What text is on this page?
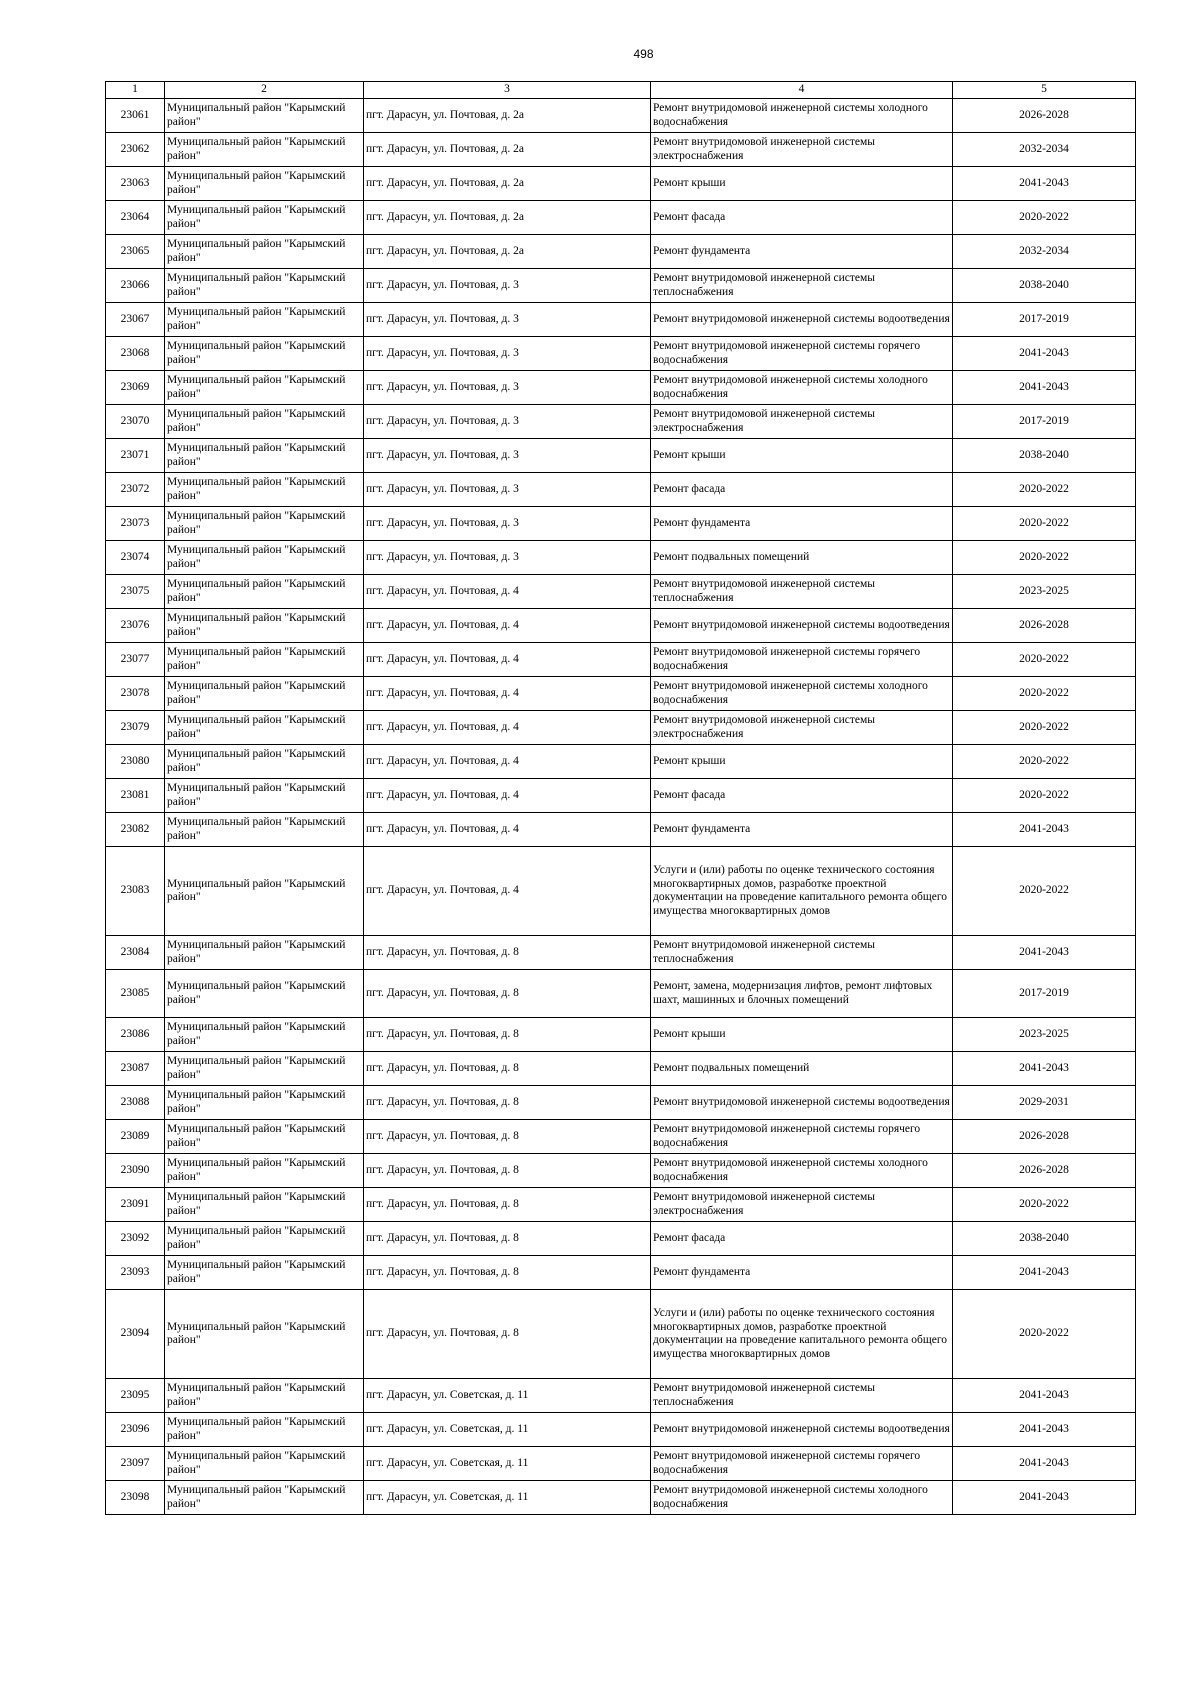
498
1	2	3	4	5
23061	Муниципальный район "Карымский район"	пгт. Дарасун, ул. Почтовая, д. 2а	Ремонт внутридомовой инженерной системы холодного водоснабжения	2026-2028
23062	Муниципальный район "Карымский район"	пгт. Дарасун, ул. Почтовая, д. 2а	Ремонт внутридомовой инженерной системы электроснабжения	2032-2034
23063	Муниципальный район "Карымский район"	пгт. Дарасун, ул. Почтовая, д. 2а	Ремонт крыши	2041-2043
23064	Муниципальный район "Карымский район"	пгт. Дарасун, ул. Почтовая, д. 2а	Ремонт фасада	2020-2022
23065	Муниципальный район "Карымский район"	пгт. Дарасун, ул. Почтовая, д. 2а	Ремонт фундамента	2032-2034
23066	Муниципальный район "Карымский район"	пгт. Дарасун, ул. Почтовая, д. 3	Ремонт внутридомовой инженерной системы теплоснабжения	2038-2040
23067	Муниципальный район "Карымский район"	пгт. Дарасун, ул. Почтовая, д. 3	Ремонт внутридомовой инженерной системы водоотведения	2017-2019
23068	Муниципальный район "Карымский район"	пгт. Дарасун, ул. Почтовая, д. 3	Ремонт внутридомовой инженерной системы горячего водоснабжения	2041-2043
23069	Муниципальный район "Карымский район"	пгт. Дарасун, ул. Почтовая, д. 3	Ремонт внутридомовой инженерной системы холодного водоснабжения	2041-2043
23070	Муниципальный район "Карымский район"	пгт. Дарасун, ул. Почтовая, д. 3	Ремонт внутридомовой инженерной системы электроснабжения	2017-2019
23071	Муниципальный район "Карымский район"	пгт. Дарасун, ул. Почтовая, д. 3	Ремонт крыши	2038-2040
23072	Муниципальный район "Карымский район"	пгт. Дарасун, ул. Почтовая, д. 3	Ремонт фасада	2020-2022
23073	Муниципальный район "Карымский район"	пгт. Дарасун, ул. Почтовая, д. 3	Ремонт фундамента	2020-2022
23074	Муниципальный район "Карымский район"	пгт. Дарасун, ул. Почтовая, д. 3	Ремонт подвальных помещений	2020-2022
23075	Муниципальный район "Карымский район"	пгт. Дарасун, ул. Почтовая, д. 4	Ремонт внутридомовой инженерной системы теплоснабжения	2023-2025
23076	Муниципальный район "Карымский район"	пгт. Дарасун, ул. Почтовая, д. 4	Ремонт внутридомовой инженерной системы водоотведения	2026-2028
23077	Муниципальный район "Карымский район"	пгт. Дарасун, ул. Почтовая, д. 4	Ремонт внутридомовой инженерной системы горячего водоснабжения	2020-2022
23078	Муниципальный район "Карымский район"	пгт. Дарасун, ул. Почтовая, д. 4	Ремонт внутридомовой инженерной системы холодного водоснабжения	2020-2022
23079	Муниципальный район "Карымский район"	пгт. Дарасун, ул. Почтовая, д. 4	Ремонт внутридомовой инженерной системы электроснабжения	2020-2022
23080	Муниципальный район "Карымский район"	пгт. Дарасун, ул. Почтовая, д. 4	Ремонт крыши	2020-2022
23081	Муниципальный район "Карымский район"	пгт. Дарасун, ул. Почтовая, д. 4	Ремонт фасада	2020-2022
23082	Муниципальный район "Карымский район"	пгт. Дарасун, ул. Почтовая, д. 4	Ремонт фундамента	2041-2043
23083	Муниципальный район "Карымский район"	пгт. Дарасун, ул. Почтовая, д. 4	Услуги и (или) работы по оценке технического состояния многоквартирных домов, разработке проектной документации на проведение капитального ремонта общего имущества многоквартирных домов	2020-2022
23084	Муниципальный район "Карымский район"	пгт. Дарасун, ул. Почтовая, д. 8	Ремонт внутридомовой инженерной системы теплоснабжения	2041-2043
23085	Муниципальный район "Карымский район"	пгт. Дарасун, ул. Почтовая, д. 8	Ремонт, замена, модернизация лифтов, ремонт лифтовых шахт, машинных и блочных помещений	2017-2019
23086	Муниципальный район "Карымский район"	пгт. Дарасун, ул. Почтовая, д. 8	Ремонт крыши	2023-2025
23087	Муниципальный район "Карымский район"	пгт. Дарасун, ул. Почтовая, д. 8	Ремонт подвальных помещений	2041-2043
23088	Муниципальный район "Карымский район"	пгт. Дарасун, ул. Почтовая, д. 8	Ремонт внутридомовой инженерной системы водоотведения	2029-2031
23089	Муниципальный район "Карымский район"	пгт. Дарасун, ул. Почтовая, д. 8	Ремонт внутридомовой инженерной системы горячего водоснабжения	2026-2028
23090	Муниципальный район "Карымский район"	пгт. Дарасун, ул. Почтовая, д. 8	Ремонт внутридомовой инженерной системы холодного водоснабжения	2026-2028
23091	Муниципальный район "Карымский район"	пгт. Дарасун, ул. Почтовая, д. 8	Ремонт внутридомовой инженерной системы электроснабжения	2020-2022
23092	Муниципальный район "Карымский район"	пгт. Дарасун, ул. Почтовая, д. 8	Ремонт фасада	2038-2040
23093	Муниципальный район "Карымский район"	пгт. Дарасун, ул. Почтовая, д. 8	Ремонт фундамента	2041-2043
23094	Муниципальный район "Карымский район"	пгт. Дарасун, ул. Почтовая, д. 8	Услуги и (или) работы по оценке технического состояния многоквартирных домов, разработке проектной документации на проведение капитального ремонта общего имущества многоквартирных домов	2020-2022
23095	Муниципальный район "Карымский район"	пгт. Дарасун, ул. Советская, д. 11	Ремонт внутридомовой инженерной системы теплоснабжения	2041-2043
23096	Муниципальный район "Карымский район"	пгт. Дарасун, ул. Советская, д. 11	Ремонт внутридомовой инженерной системы водоотведения	2041-2043
23097	Муниципальный район "Карымский район"	пгт. Дарасун, ул. Советская, д. 11	Ремонт внутридомовой инженерной системы горячего водоснабжения	2041-2043
23098	Муниципальный район "Карымский район"	пгт. Дарасун, ул. Советская, д. 11	Ремонт внутридомовой инженерной системы холодного водоснабжения	2041-2043
